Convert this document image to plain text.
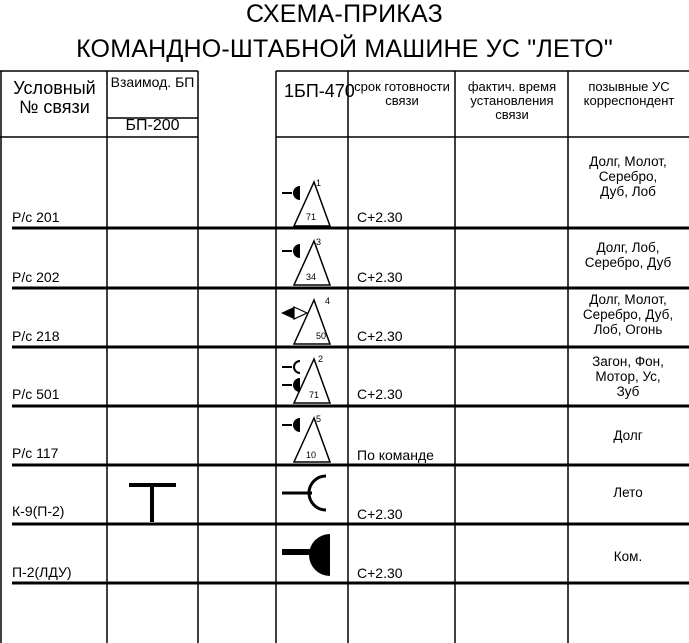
СХЕМА-ПРИКАЗ
КОМАНДНО-ШТАБНОЙ МАШИНЕ УС "ЛЕТО"
Условный № связи
Взаимод. БП
БП-200
1БП-470 срок готовности связи
фактич. время установления связи
позывные УС корреспондент
Р/с 201
Р/с 202
Р/с 218
Р/с 501
Р/с 117
К-9(П-2)
П-2(ЛДУ)
1
71
3
34
4
50
2
71
5
10
С+2.30
С+2.30
С+2.30
С+2.30
По команде
С+2.30
С+2.30
Долг, Молот,
Серебро,
Дуб, Лоб
Долг, Лоб,
Серебро, Дуб
Долг, Молот,
Серебро, Дуб,
Лоб, Огонь
Загон, Фон,
Мотор, Ус,
Зуб
Долг
Лето
Ком.
